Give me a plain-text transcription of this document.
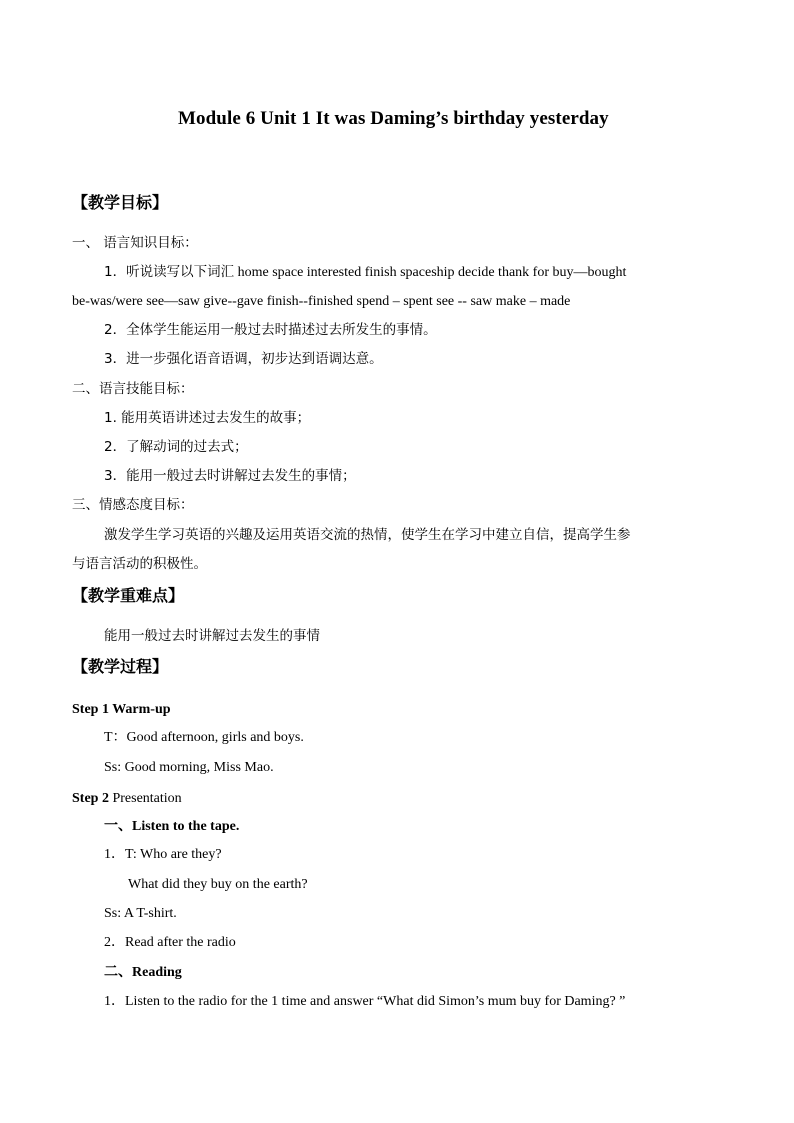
Module 6 Unit 1 It was Daming’s birthday yesterday
【教学目标】
一、 语言知识目标：
1．听说读写以下词汇 home space interested finish spaceship decide thank for buy—bought
be-was/were see—saw give--gave finish--finished spend – spent see -- saw make – made
2．全体学生能运用一般过去时描述过去所发生的事情。
3．进一步强化语音语调，初步达到语调达意。
二、语言技能目标：
1. 能用英语讲述过去发生的故事；
2．了解动词的过去式；
3．能用一般过去时讲解过去发生的事情；
三、情感态度目标：
激发学生学习英语的兴趣及运用英语交流的热情，使学生在学习中建立自信，提高学生参
与语言活动的积极性。
【教学重难点】
能用一般过去时讲解过去发生的事情
【教学过程】
Step 1 Warm-up
T：Good afternoon, girls and boys.
Ss: Good morning, Miss Mao.
Step 2 Presentation
一、Listen to the tape.
1．T: Who are they?
What did they buy on the earth?
Ss: A T-shirt.
2．Read after the radio
二、Reading
1．Listen to the radio for the 1 time and answer “What did Simon’s mum buy for Daming? ”
